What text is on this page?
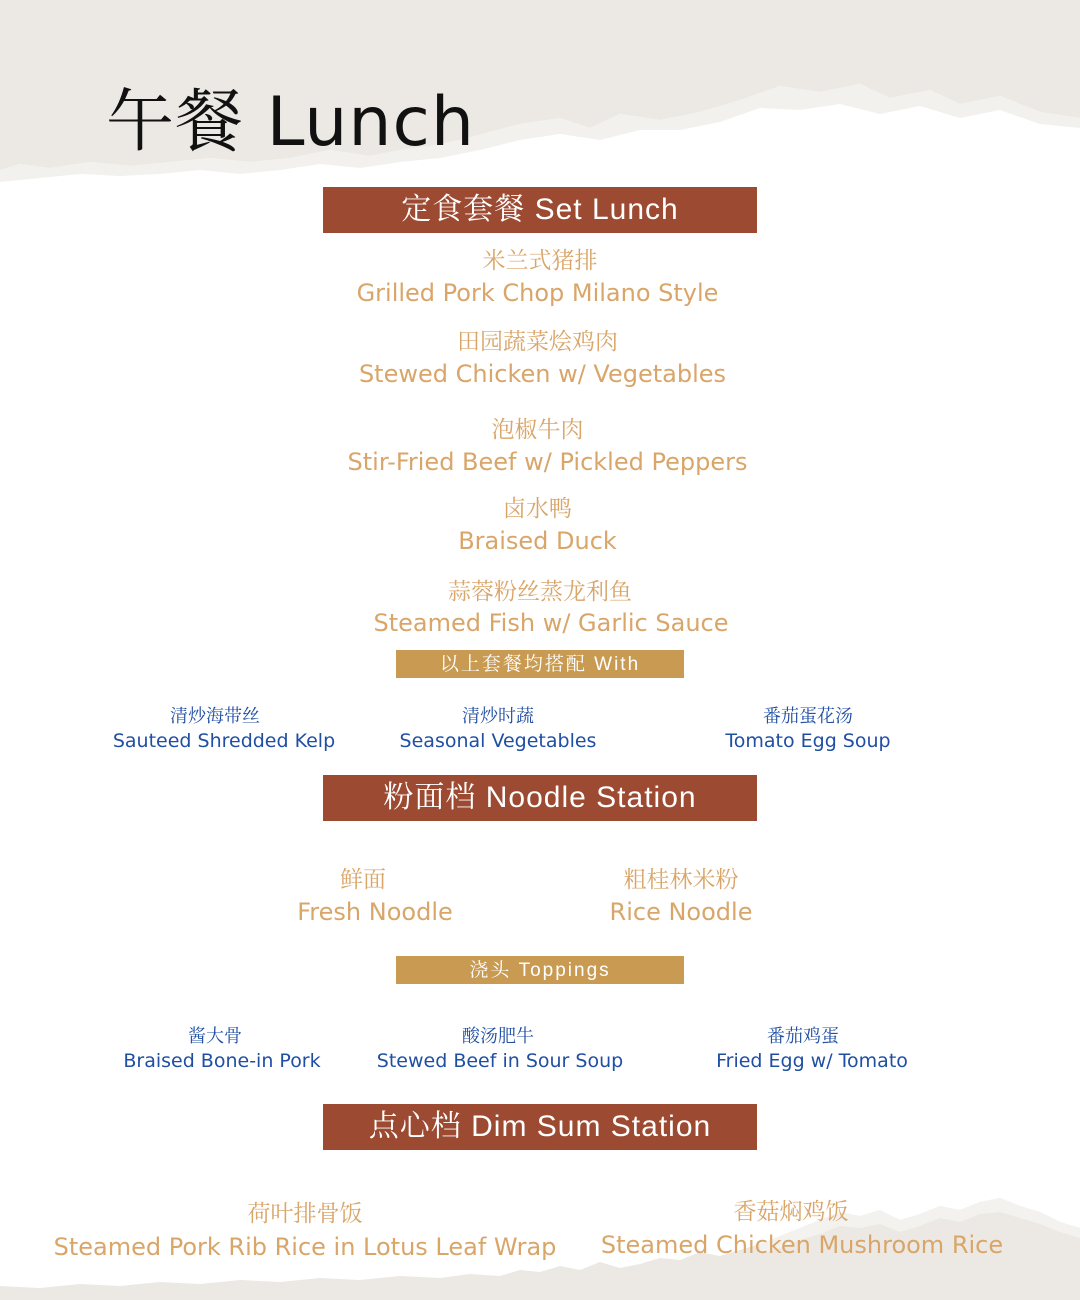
午餐 Lunch
定食套餐 Set Lunch
米兰式猪排
Grilled Pork Chop Milano Style
田园蔬菜烩鸡肉
Stewed Chicken w/ Vegetables
泡椒牛肉
Stir-Fried Beef w/ Pickled Peppers
卤水鸭
Braised Duck
蒜蓉粉丝蒸龙利鱼
Steamed Fish w/ Garlic Sauce
以上套餐均搭配 With
清炒海带丝
Sauteed Shredded Kelp
清炒时蔬
Seasonal Vegetables
番茄蛋花汤
Tomato Egg Soup
粉面档 Noodle Station
鲜面
Fresh Noodle
粗桂林米粉
Rice Noodle
浇头 Toppings
酱大骨
Braised Bone-in Pork
酸汤肥牛
Stewed Beef in Sour Soup
番茄鸡蛋
Fried Egg w/ Tomato
点心档 Dim Sum Station
荷叶排骨饭
Steamed Pork Rib Rice in Lotus Leaf Wrap
香菇焖鸡饭
Steamed Chicken Mushroom Rice
